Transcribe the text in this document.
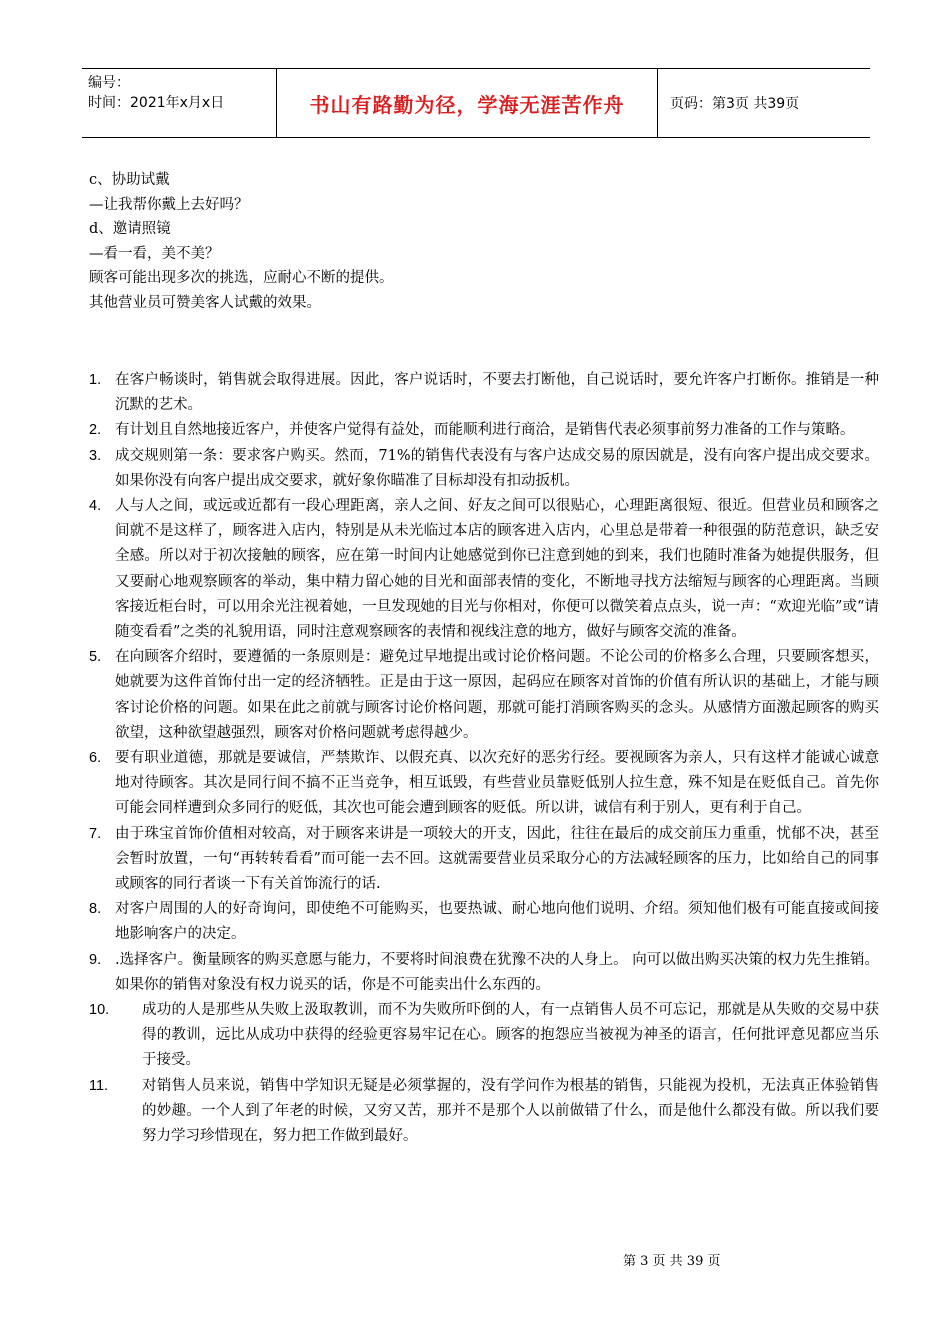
编号：
时间：2021年x月x日	书山有路勤为径，学海无涯苦作舟	页码：第3页 共39页
c、协助试戴
—让我帮你戴上去好吗？
d、邀请照镜
—看一看，美不美？
顾客可能出现多次的挑选，应耐心不断的提供。
其他营业员可赞美客人试戴的效果。
1. 在客户畅谈时，销售就会取得进展。因此，客户说话时，不要去打断他，自己说话时，要允许客户打断你。推销是一种沉默的艺术。
2. 有计划且自然地接近客户，并使客户觉得有益处，而能顺利进行商洽，是销售代表必须事前努力准备的工作与策略。
3. 成交规则第一条：要求客户购买。然而，71%的销售代表没有与客户达成交易的原因就是，没有向客户提出成交要求。如果你没有向客户提出成交要求，就好象你瞄准了目标却没有扣动扳机。
4. 人与人之间，或远或近都有一段心理距离，亲人之间、好友之间可以很贴心，心理距离很短、很近。但营业员和顾客之间就不是这样了，顾客进入店内，特别是从未光临过本店的顾客进入店内，心里总是带着一种很强的防范意识，缺乏安全感。所以对于初次接触的顾客，应在第一时间内让她感觉到你已注意到她的到来，我们也随时准备为她提供服务，但又要耐心地观察顾客的举动，集中精力留心她的目光和面部表情的变化，不断地寻找方法缩短与顾客的心理距离。当顾客接近柜台时，可以用余光注视着她，一旦发现她的目光与你相对，你便可以微笑着点点头，说一声：“欢迎光临”或“请随变看看”之类的礼貌用语，同时注意观察顾客的表情和视线注意的地方，做好与顾客交流的准备。
5. 在向顾客介绍时，要遵循的一条原则是：避免过早地提出或讨论价格问题。不论公司的价格多么合理，只要顾客想买，她就要为这件首饰付出一定的经济牺牲。正是由于这一原因，起码应在顾客对首饰的价值有所认识的基础上，才能与顾客讨论价格的问题。如果在此之前就与顾客讨论价格问题，那就可能打消顾客购买的念头。从感情方面激起顾客的购买欲望，这种欲望越强烈，顾客对价格问题就考虑得越少。
6. 要有职业道德，那就是要诚信，严禁欺诈、以假充真、以次充好的恶劣行经。要视顾客为亲人，只有这样才能诚心诚意地对待顾客。其次是同行间不搞不正当竞争，相互诋毁，有些营业员靠贬低别人拉生意，殊不知是在贬低自己。首先你可能会同样遭到众多同行的贬低，其次也可能会遭到顾客的贬低。所以讲，诚信有利于别人，更有利于自己。
7. 由于珠宝首饰价值相对较高，对于顾客来讲是一项较大的开支，因此，往往在最后的成交前压力重重，忧郁不决，甚至会暂时放置，一句“再转转看看”而可能一去不回。这就需要营业员采取分心的方法减轻顾客的压力，比如给自己的同事或顾客的同行者谈一下有关首饰流行的话.
8. 对客户周围的人的好奇询问，即使绝不可能购买，也要热诚、耐心地向他们说明、介绍。须知他们极有可能直接或间接地影响客户的决定。
9. .选择客户。衡量顾客的购买意愿与能力，不要将时间浪费在犹豫不决的人身上。 向可以做出购买决策的权力先生推销。如果你的销售对象没有权力说买的话，你是不可能卖出什么东西的。
10.	成功的人是那些从失败上汲取教训，而不为失败所吓倒的人，有一点销售人员不可忘记，那就是从失败的交易中获得的教训，远比从成功中获得的经验更容易牢记在心。顾客的抱怨应当被视为神圣的语言，任何批评意见都应当乐于接受。
11.	对销售人员来说，销售中学知识无疑是必须掌握的，没有学问作为根基的销售，只能视为投机，无法真正体验销售的妙趣。一个人到了年老的时候，又穷又苦，那并不是那个人以前做错了什么，而是他什么都没有做。所以我们要努力学习珍惜现在，努力把工作做到最好。
第 3 页 共 39 页
